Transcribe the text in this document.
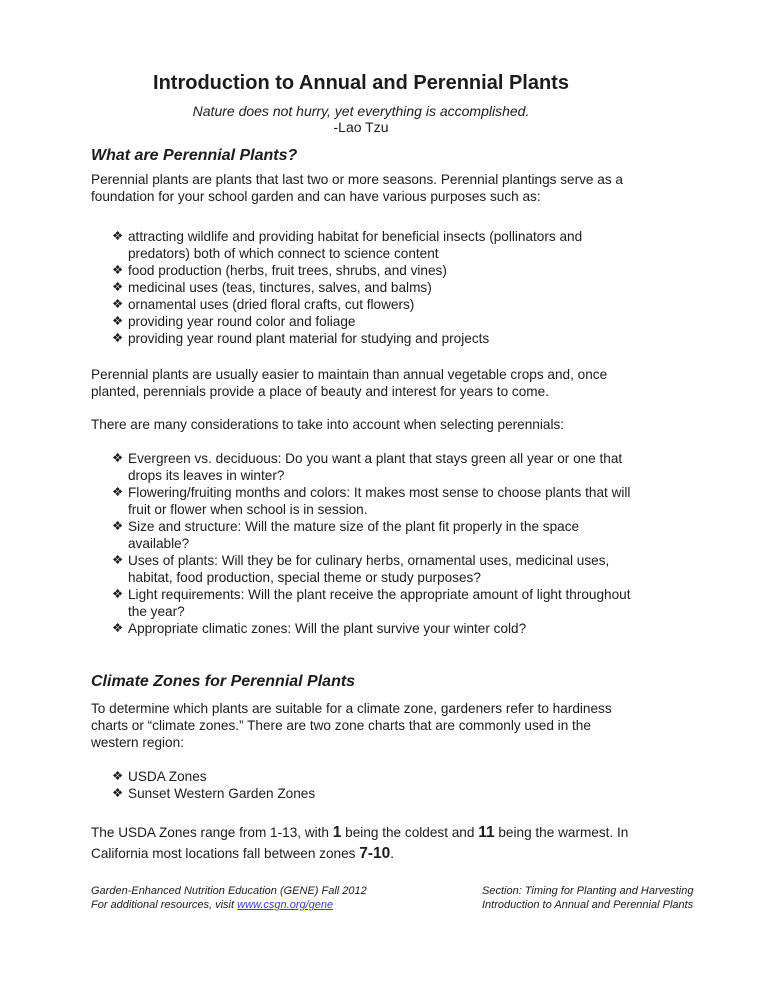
Introduction to Annual and Perennial Plants
Nature does not hurry, yet everything is accomplished.
-Lao Tzu
What are Perennial Plants?

Perennial plants are plants that last two or more seasons. Perennial plantings serve as a foundation for your school garden and can have various purposes such as:

❖ attracting wildlife and providing habitat for beneficial insects (pollinators and predators) both of which connect to science content
❖ food production (herbs, fruit trees, shrubs, and vines)
❖ medicinal uses (teas, tinctures, salves, and balms)
❖ ornamental uses (dried floral crafts, cut flowers)
❖ providing year round color and foliage
❖ providing year round plant material for studying and projects

Perennial plants are usually easier to maintain than annual vegetable crops and, once planted, perennials provide a place of beauty and interest for years to come.

There are many considerations to take into account when selecting perennials:

❖ Evergreen vs. deciduous: Do you want a plant that stays green all year or one that drops its leaves in winter?
❖ Flowering/fruiting months and colors: It makes most sense to choose plants that will fruit or flower when school is in session.
❖ Size and structure: Will the mature size of the plant fit properly in the space available?
❖ Uses of plants: Will they be for culinary herbs, ornamental uses, medicinal uses, habitat, food production, special theme or study purposes?
❖ Light requirements: Will the plant receive the appropriate amount of light throughout the year?
❖ Appropriate climatic zones: Will the plant survive your winter cold?
Climate Zones for Perennial Plants

To determine which plants are suitable for a climate zone, gardeners refer to hardiness charts or “climate zones.” There are two zone charts that are commonly used in the western region:

❖ USDA Zones
❖ Sunset Western Garden Zones

The USDA Zones range from 1-13, with 1 being the coldest and 11 being the warmest. In California most locations fall between zones 7-10.

Garden-Enhanced Nutrition Education (GENE) Fall 2012
For additional resources, visit www.csgn.org/gene
Section: Timing for Planting and Harvesting
Introduction to Annual and Perennial Plants
